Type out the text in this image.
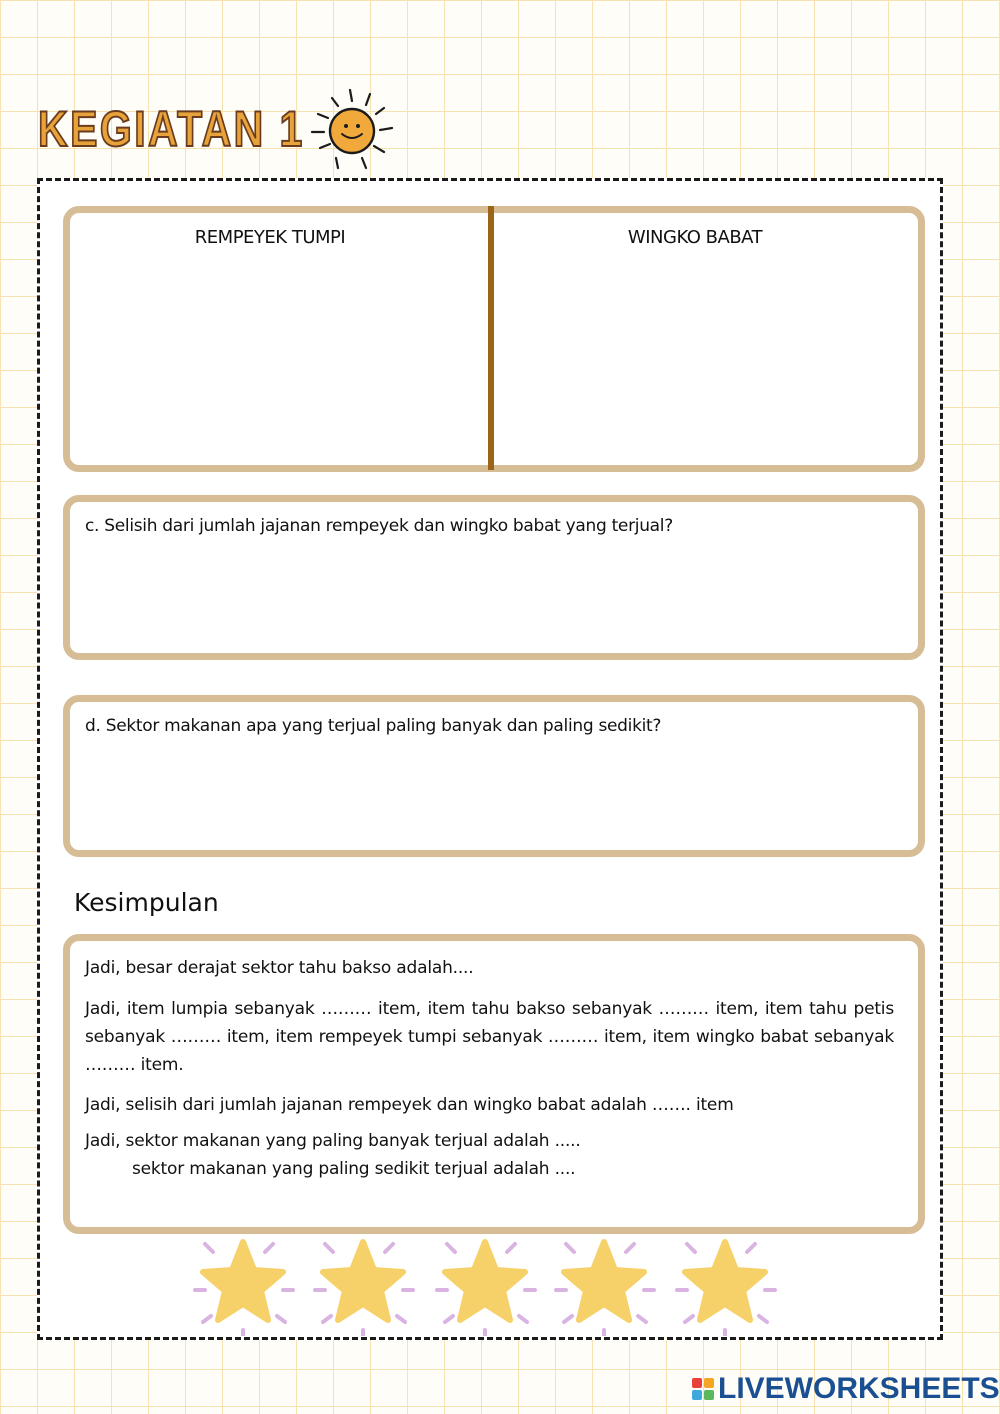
KEGIATAN 1
REMPEYEK TUMPI	WINGKO BABAT
c. Selisih dari jumlah jajanan rempeyek dan wingko babat yang terjual?
d. Sektor makanan apa yang terjual paling banyak dan paling sedikit?
Jadi, besar derajat sektor tahu bakso adalah....
Jadi, item lumpia sebanyak ……… item, item tahu bakso sebanyak ……… item, item tahu petis sebanyak ……… item, item rempeyek tumpi sebanyak ……… item, item wingko babat sebanyak ……… item.
Jadi, selisih dari jumlah jajanan rempeyek dan wingko babat adalah ……. item
Jadi, sektor makanan yang paling banyak terjual adalah .....
sektor makanan yang paling sedikit terjual adalah ....
Kesimpulan
LIVEWORKSHEETS
